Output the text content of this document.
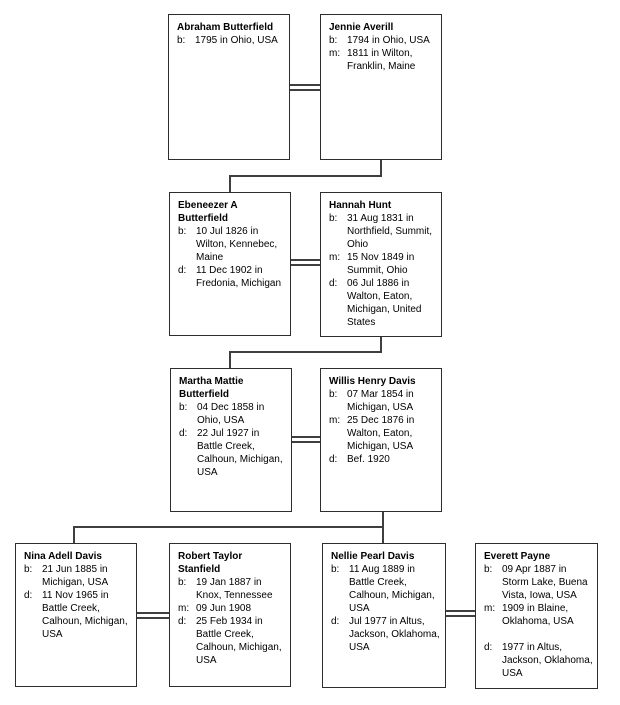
Abraham Butterfield
b: 1795 in Ohio, USA
Jennie Averill
b: 1794 in Ohio, USA
m: 1811 in Wilton, Franklin, Maine
Ebeneezer A Butterfield
b: 10 Jul 1826 in Wilton, Kennebec, Maine
d: 11 Dec 1902 in Fredonia, Michigan
Hannah Hunt
b: 31 Aug 1831 in Northfield, Summit, Ohio
m: 15 Nov 1849 in Summit, Ohio
d: 06 Jul 1886 in Walton, Eaton, Michigan, United States
Martha Mattie Butterfield
b: 04 Dec 1858 in Ohio, USA
d: 22 Jul 1927 in Battle Creek, Calhoun, Michigan, USA
Willis Henry Davis
b: 07 Mar 1854 in Michigan, USA
m: 25 Dec 1876 in Walton, Eaton, Michigan, USA
d: Bef. 1920
Nina Adell Davis
b: 21 Jun 1885 in Michigan, USA
d: 11 Nov 1965 in Battle Creek, Calhoun, Michigan, USA
Robert Taylor Stanfield
b: 19 Jan 1887 in Knox, Tennessee
m: 09 Jun 1908
d: 25 Feb 1934 in Battle Creek, Calhoun, Michigan, USA
Nellie Pearl Davis
b: 11 Aug 1889 in Battle Creek, Calhoun, Michigan, USA
d: Jul 1977 in Altus, Jackson, Oklahoma, USA
Everett Payne
b: 09 Apr 1887 in Storm Lake, Buena Vista, Iowa, USA
m: 1909 in Blaine, Oklahoma, USA
d: 1977 in Altus, Jackson, Oklahoma, USA
